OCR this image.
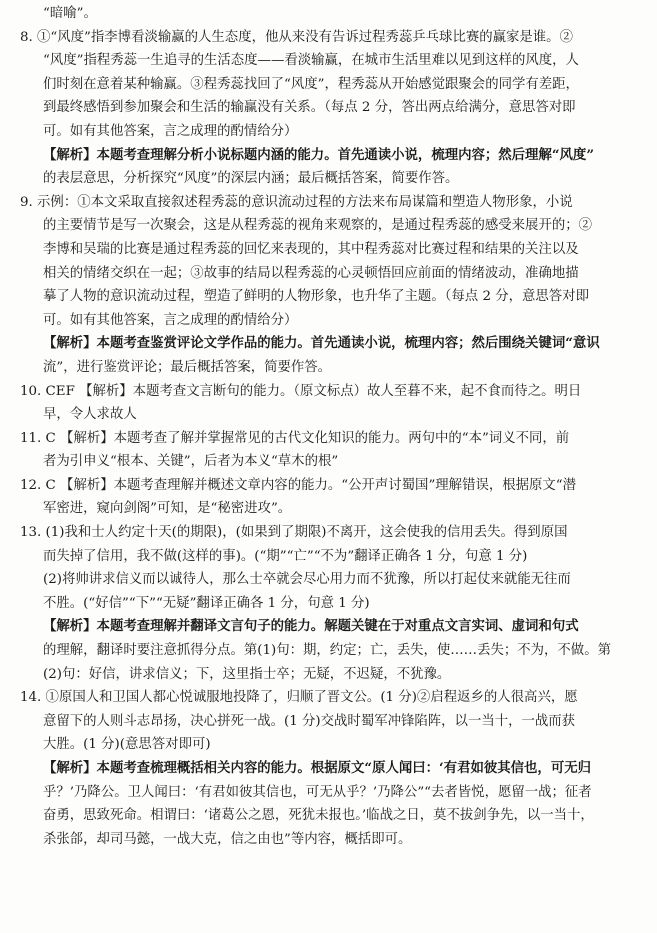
“暗喻”。
8. ①“风度”指李博看淡输赢的人生态度，他从来没有告诉过程秀蕊乒乓球比赛的赢家是谁。②
“风度”指程秀蕊一生追寻的生活态度——看淡输赢，在城市生活里难以见到这样的风度，人
们时刻在意着某种输赢。③程秀蕊找回了“风度”，程秀蕊从开始感觉跟聚会的同学有差距，
到最终感悟到参加聚会和生活的输赢没有关系。（每点 2 分，答出两点给满分，意思答对即
可。如有其他答案，言之成理的酌情给分）
【解析】本题考查理解分析小说标题内涵的能力。首先通读小说，梳理内容；然后理解“风度”
的表层意思，分析探究“风度”的深层内涵；最后概括答案，简要作答。
9. 示例：①本文采取直接叙述程秀蕊的意识流动过程的方法来布局谋篇和塑造人物形象，小说
的主要情节是写一次聚会，这是从程秀蕊的视角来观察的，是通过程秀蕊的感受来展开的；②
李博和吴瑞的比赛是通过程秀蕊的回忆来表现的，其中程秀蕊对比赛过程和结果的关注以及
相关的情绪交织在一起；③故事的结局以程秀蕊的心灵顿悟回应前面的情绪波动，准确地描
摹了人物的意识流动过程，塑造了鲜明的人物形象，也升华了主题。（每点 2 分，意思答对即
可。如有其他答案，言之成理的酌情给分）
【解析】本题考查鉴赏评论文学作品的能力。首先通读小说，梳理内容；然后围绕关键词“意识
流”，进行鉴赏评论；最后概括答案，简要作答。
10. CEF 【解析】本题考查文言断句的能力。（原文标点）故人至暮不来，起不食而待之。明日
早，令人求故人
11. C 【解析】本题考查了解并掌握常见的古代文化知识的能力。两句中的“本”词义不同，前
者为引申义“根本、关键”，后者为本义“草木的根”
12. C 【解析】本题考查理解并概述文章内容的能力。“公开声讨蜀国”理解错误，根据原文“潜
军密进，窥向剑阁”可知，是“秘密进攻”。
13. (1)我和士人约定十天(的期限)，(如果到了期限)不离开，这会使我的信用丢失。得到原国
而失掉了信用，我不做(这样的事)。(“期”“亡”“不为”翻译正确各 1 分，句意 1 分)
(2)将帅讲求信义而以诚待人，那么士卒就会尽心用力而不犹豫，所以打起仗来就能无往而
不胜。(“好信”“下”“无疑”翻译正确各 1 分，句意 1 分)
【解析】本题考查理解并翻译文言句子的能力。解题关键在于对重点文言实词、虚词和句式
的理解，翻译时要注意抓得分点。第(1)句：期，约定；亡，丢失，使……丢失；不为，不做。第
(2)句：好信，讲求信义；下，这里指士卒；无疑，不迟疑，不犹豫。
14. ①原国人和卫国人都心悦诚服地投降了，归顺了晋文公。(1 分)②启程返乡的人很高兴，愿
意留下的人则斗志昂扬，决心拼死一战。(1 分)交战时蜀军冲锋陷阵，以一当十，一战而获
大胜。(1 分)(意思答对即可)
【解析】本题考查梳理概括相关内容的能力。根据原文“原人闻曰：‘有君如彼其信也，可无归
乎？’乃降公。卫人闻曰：‘有君如彼其信也，可无从乎？’乃降公”“去者皆悦，愿留一战；征者
奋勇，思致死命。相谓曰：‘诸葛公之恩，死犹未报也。’临战之日，莫不拔剑争先，以一当十，
杀张郃，却司马懿，一战大克，信之由也”等内容，概括即可。
